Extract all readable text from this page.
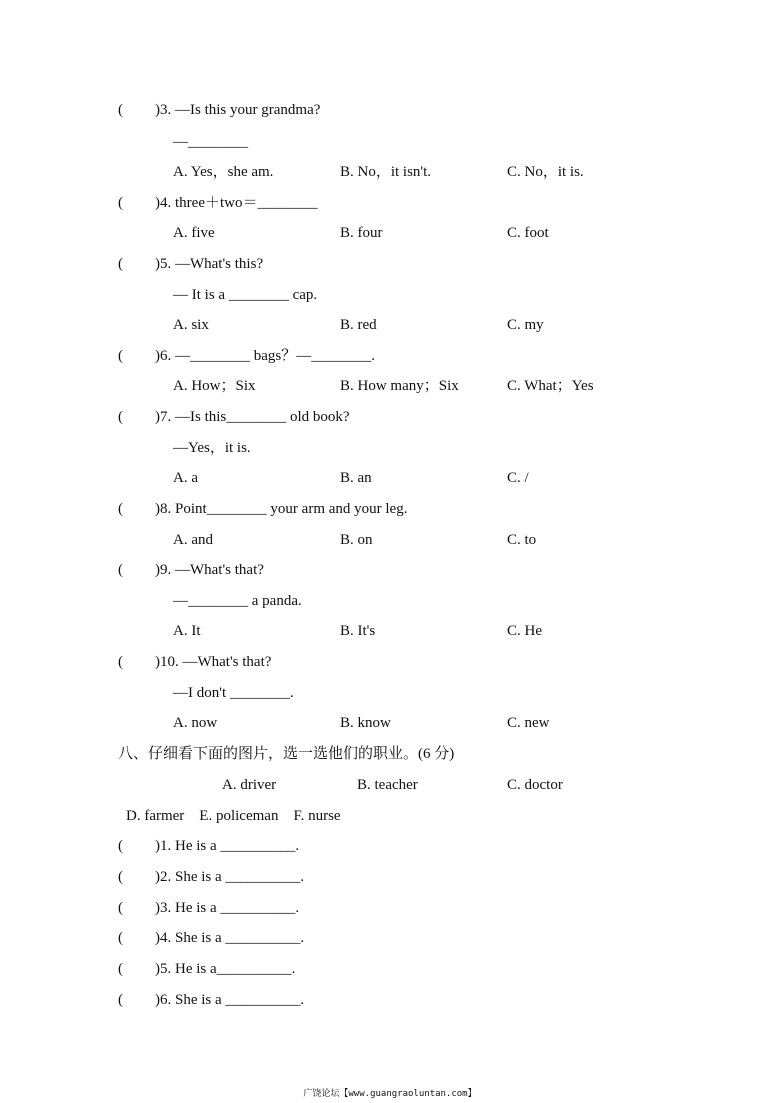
( )3. —Is this your grandma?
—________
A. Yes，she am.	B. No，it isn't.	C. No，it is.
( )4. three＋two＝________
A. five	B. four	C. foot
( )5. —What's this?
— It is a ________ cap.
A. six	B. red	C. my
( )6. —________ bags？—________.
A. How；Six	B. How many；Six	C. What；Yes
( )7. —Is this________ old book?
—Yes，it is.
A. a	B. an	C. /
( )8. Point________ your arm and your leg.
A. and	B. on	C. to
( )9. —What's that?
—________ a panda.
A. It	B. It's	C. He
( )10. —What's that?
—I don't ________.
A. now	B. know	C. new
八、仔细看下面的图片，选一选他们的职业。(6 分)
A. driver	B. teacher	C. doctor
D. farmer    E. policeman    F. nurse
( )1. He is a __________.
( )2. She is a __________.
( )3. He is a __________.
( )4. She is a __________.
( )5. He is a__________.
( )6. She is a __________.
广饶论坛【www.guangraoluntan.com】
